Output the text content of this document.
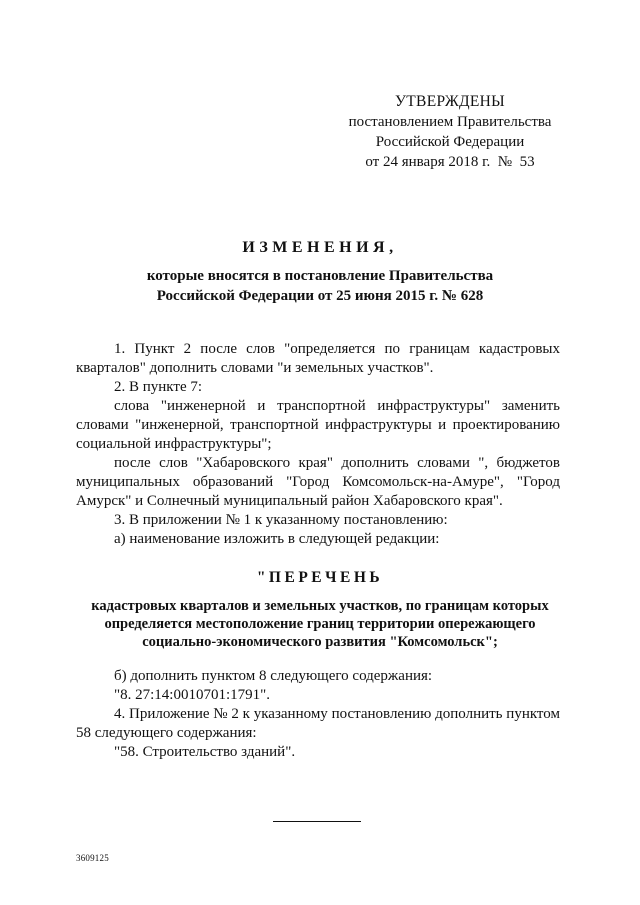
УТВЕРЖДЕНЫ
постановлением Правительства
Российской Федерации
от 24 января 2018 г.  №  53
ИЗМЕНЕНИЯ,
которые вносятся в постановление Правительства
Российской Федерации от 25 июня 2015 г. № 628

1. Пункт 2 после слов "определяется по границам кадастровых кварталов" дополнить словами "и земельных участков".

2. В пункте 7:

слова "инженерной и транспортной инфраструктуры" заменить словами "инженерной, транспортной инфраструктуры и проектированию социальной инфраструктуры";

после слов "Хабаровского края" дополнить словами ", бюджетов муниципальных образований "Город Комсомольск-на-Амуре", "Город Амурск" и Солнечный муниципальный район Хабаровского края".

3. В приложении № 1 к указанному постановлению:

а) наименование изложить в следующей редакции:

"ПЕРЕЧЕНЬ
кадастровых кварталов и земельных участков, по границам которых
определяется местоположение границ территории опережающего
социально-экономического развития "Комсомольск";

б) дополнить пунктом 8 следующего содержания:

"8. 27:14:0010701:1791".

4. Приложение № 2 к указанному постановлению дополнить пунктом 58 следующего содержания:

"58. Строительство зданий".

3609125
